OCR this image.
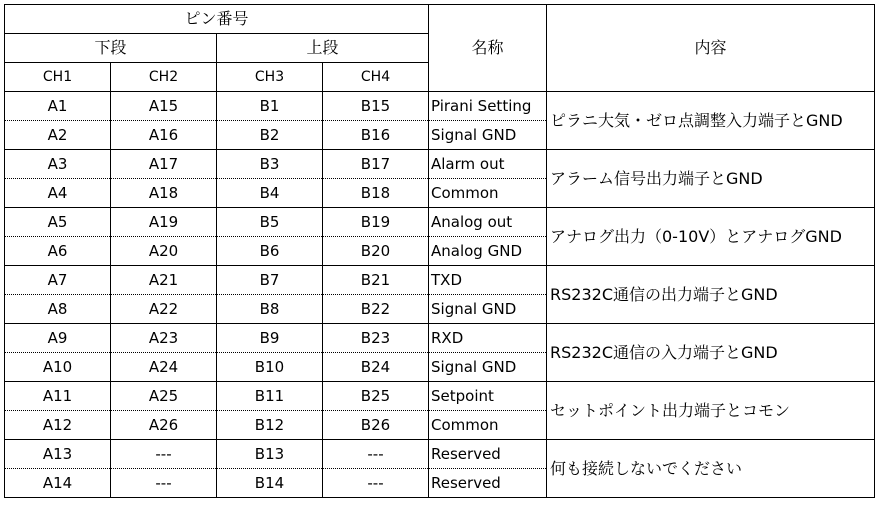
ピン番号				名称	内容
下段		上段			
CH1	CH2	CH3	CH4		
A1	A15	B1	B15	Pirani Setting	ピラニ大気・ゼロ点調整入力端子とGND
A2	A16	B2	B16	Signal GND	
A3	A17	B3	B17	Alarm out	アラーム信号出力端子とGND
A4	A18	B4	B18	Common	
A5	A19	B5	B19	Analog out	アナログ出力（0-10V）とアナログGND
A6	A20	B6	B20	Analog GND	
A7	A21	B7	B21	TXD	RS232C通信の出力端子とGND
A8	A22	B8	B22	Signal GND	
A9	A23	B9	B23	RXD	RS232C通信の入力端子とGND
A10	A24	B10	B24	Signal GND	
A11	A25	B11	B25	Setpoint	セットポイント出力端子とコモン
A12	A26	B12	B26	Common	
A13	---	B13	---	Reserved	何も接続しないでください
A14	---	B14	---	Reserved	
